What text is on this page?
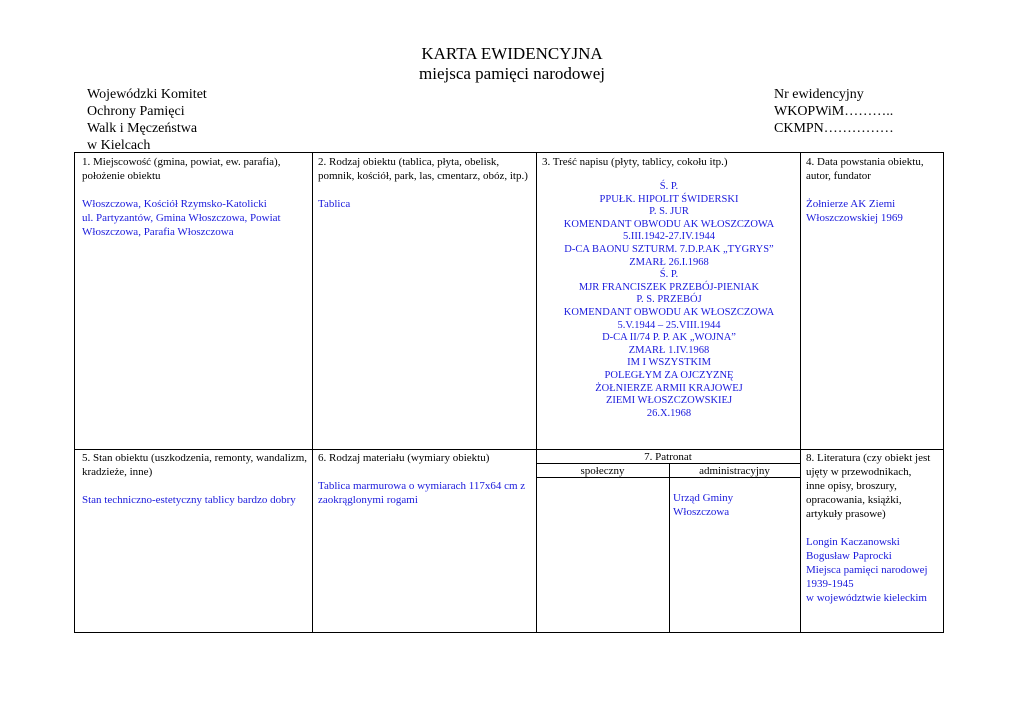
KARTA EWIDENCYJNA
miejsca pamięci narodowej
Wojewódzki Komitet
Ochrony Pamięci
Walk i Męczeństwa
w Kielcach
Nr ewidencyjny
WKOPWiM………..
CKMPN……………
1. Miejscowość (gmina, powiat, ew. parafia), położenie obiektu
Włoszczowa, Kościół Rzymsko-Katolicki
ul. Partyzantów, Gmina Włoszczowa, Powiat Włoszczowa, Parafia Włoszczowa
2. Rodzaj obiektu (tablica, płyta, obelisk, pomnik, kościół, park, las, cmentarz, obóz, itp.)
Tablica
3. Treść napisu (płyty, tablicy, cokołu itp.)
Ś. P.
PPUŁK. HIPOLIT ŚWIDERSKI
P. S. JUR
KOMENDANT OBWODU AK WŁOSZCZOWA
5.III.1942-27.IV.1944
D-CA BAONU SZTURM. 7.D.P.AK „TYGRYS”
ZMARŁ 26.I.1968
Ś. P.
MJR FRANCISZEK PRZEBÓJ-PIENIAK
P. S. PRZEBÓJ
KOMENDANT OBWODU AK WŁOSZCZOWA
5.V.1944 – 25.VIII.1944
D-CA II/74 P. P. AK „WOJNA”
ZMARŁ 1.IV.1968
IM I WSZYSTKIM
POLEGŁYM ZA OJCZYZNĘ
ŻOŁNIERZE ARMII KRAJOWEJ
ZIEMI WŁOSZCZOWSKIEJ
26.X.1968
4. Data powstania obiektu, autor, fundator
Żołnierze AK Ziemi Włoszczowskiej 1969
5. Stan obiektu (uszkodzenia, remonty, wandalizm, kradzieże, inne)
Stan techniczno-estetyczny tablicy bardzo dobry
6. Rodzaj materiału (wymiary obiektu)
Tablica marmurowa o wymiarach 117x64 cm z zaokrąglonymi rogami
7. Patronat
społeczny	administracyjny
Urząd Gminy Włoszczowa
8. Literatura (czy obiekt jest ujęty w przewodnikach, inne opisy, broszury, opracowania, książki, artykuły prasowe)
Longin Kaczanowski
Bogusław Paprocki
Miejsca pamięci narodowej 1939-1945
w województwie kieleckim
